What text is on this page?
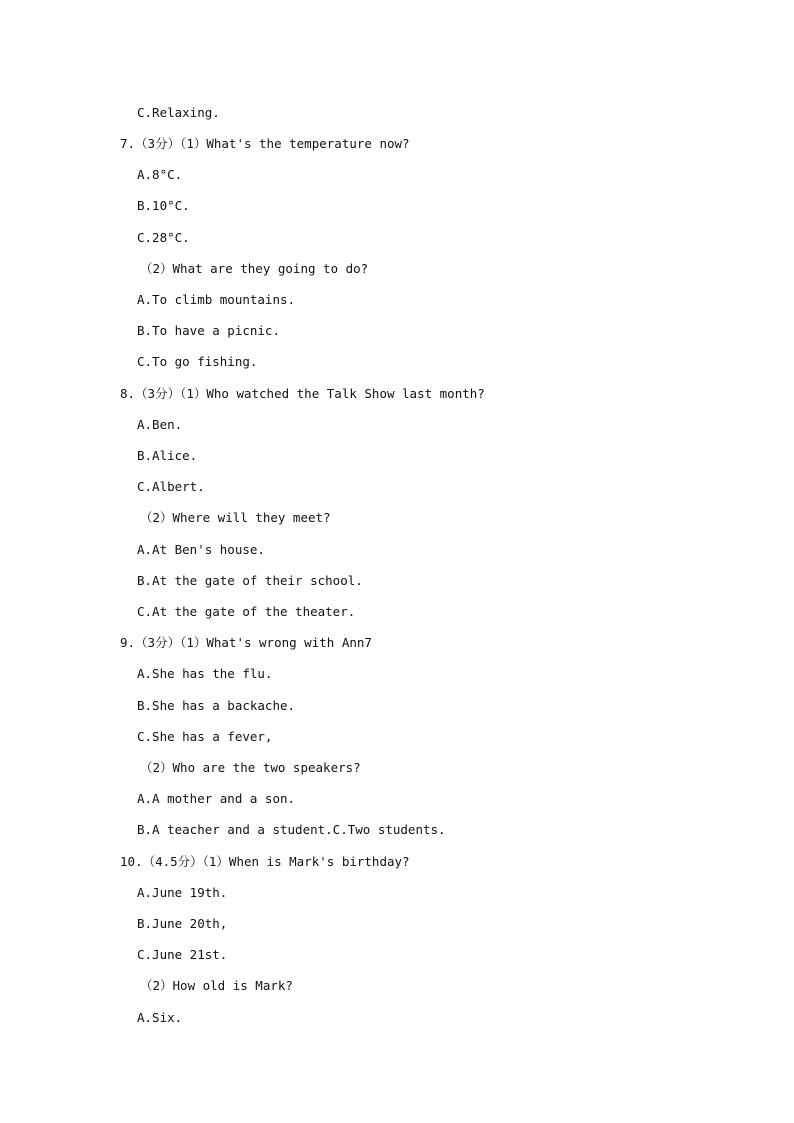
C.Relaxing.
7.（3分）（1）What's the temperature now?
A.8°C.
B.10°C.
C.28°C.
（2）What are they going to do?
A.To climb mountains.
B.To have a picnic.
C.To go fishing.
8.（3分）（1）Who watched the Talk Show last month?
A.Ben.
B.Alice.
C.Albert.
（2）Where will they meet?
A.At Ben's house.
B.At the gate of their school.
C.At the gate of the theater.
9.（3分）（1）What's wrong with Ann7
A.She has the flu.
B.She has a backache.
C.She has a fever,
（2）Who are the two speakers?
A.A mother and a son.
B.A teacher and a student.C.Two students.
10.（4.5分）（1）When is Mark's birthday?
A.June 19th.
B.June 20th,
C.June 21st.
（2）How old is Mark?
A.Six.
